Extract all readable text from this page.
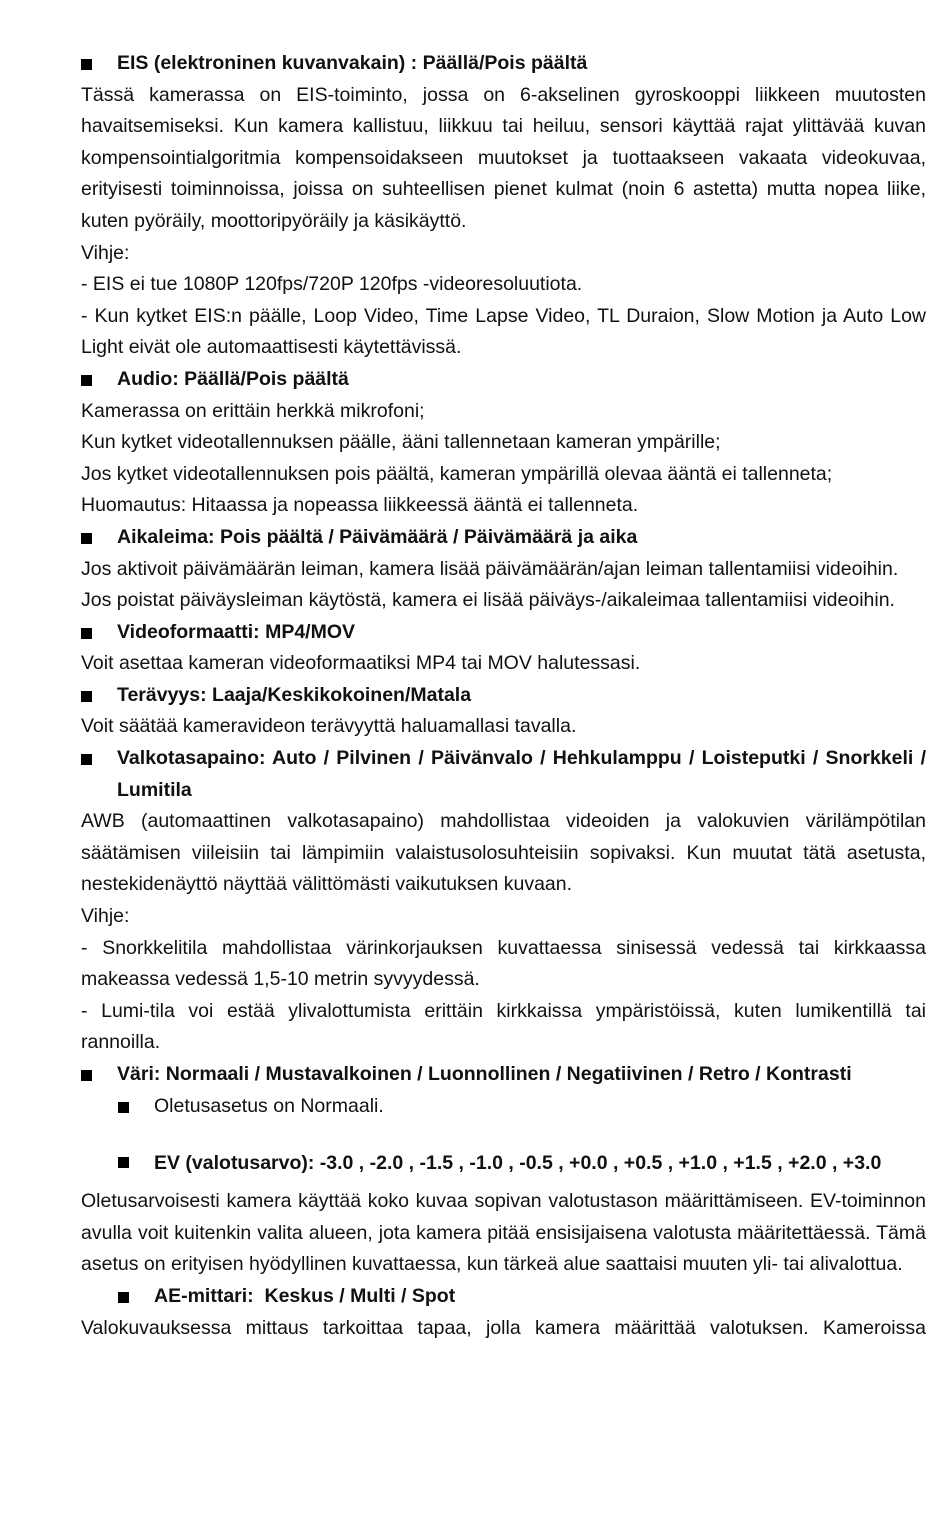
EIS (elektroninen kuvanvakain) : Päällä/Pois päältä
Tässä kamerassa on EIS-toiminto, jossa on 6-akselinen gyroskooppi liikkeen muutosten havaitsemiseksi. Kun kamera kallistuu, liikkuu tai heiluu, sensori käyttää rajat ylittävää kuvan kompensointialgoritmia kompensoidakseen muutokset ja tuottaakseen vakaata videokuvaa, erityisesti toiminnoissa, joissa on suhteellisen pienet kulmat (noin 6 astetta) mutta nopea liike, kuten pyöräily, moottoripyöräily ja käsikäyttö.
Vihje:
- EIS ei tue 1080P 120fps/720P 120fps -videoresoluutiota.
- Kun kytket EIS:n päälle, Loop Video, Time Lapse Video, TL Duraion, Slow Motion ja Auto Low Light eivät ole automaattisesti käytettävissä.
Audio: Päällä/Pois päältä
Kamerassa on erittäin herkkä mikrofoni;
Kun kytket videotallennuksen päälle, ääni tallennetaan kameran ympärille;
Jos kytket videotallennuksen pois päältä, kameran ympärillä olevaa ääntä ei tallenneta;
Huomautus: Hitaassa ja nopeassa liikkeessä ääntä ei tallenneta.
Aikaleima: Pois päältä / Päivämäärä / Päivämäärä ja aika
Jos aktivoit päivämäärän leiman, kamera lisää päivämäärän/ajan leiman tallentamiisi videoihin.
Jos poistat päiväysleiman käytöstä, kamera ei lisää päiväys-/aikaleimaa tallentamiisi videoihin.
Videoformaatti: MP4/MOV
Voit asettaa kameran videoformaatiksi MP4 tai MOV halutessasi.
Terävyys: Laaja/Keskikokoinen/Matala
Voit säätää kameravideon terävyyttä haluamallasi tavalla.
Valkotasapaino: Auto / Pilvinen / Päivänvalo / Hehkulamppu / Loisteputki / Snorkkeli / Lumitila
AWB (automaattinen valkotasapaino) mahdollistaa videoiden ja valokuvien värilämpötilan säätämisen viileisiin tai lämpimiin valaistusolosuhteisiin sopivaksi. Kun muutat tätä asetusta, nestekidenäyttö näyttää välittömästi vaikutuksen kuvaan.
Vihje:
- Snorkkelitila mahdollistaa värinkorjauksen kuvattaessa sinisessä vedessä tai kirkkaassa makeassa vedessä 1,5-10 metrin syvyydessä.
- Lumi-tila voi estää ylivalottumista erittäin kirkkaissa ympäristöissä, kuten lumikentillä tai rannoilla.
Väri: Normaali / Mustavalkoinen / Luonnollinen / Negatiivinen / Retro / Kontrasti
Oletusasetus on Normaali.
EV (valotusarvo): -3.0 , -2.0 , -1.5 , -1.0 , -0.5 , +0.0 , +0.5 , +1.0 , +1.5 , +2.0 , +3.0
Oletusarvoisesti kamera käyttää koko kuvaa sopivan valotustason määrittämiseen. EV-toiminnon avulla voit kuitenkin valita alueen, jota kamera pitää ensisijaisena valotusta määritettäessä. Tämä asetus on erityisen hyödyllinen kuvattaessa, kun tärkeä alue saattaisi muuten yli- tai alivalottua.
AE-mittari:  Keskus / Multi / Spot
Valokuvauksessa mittaus tarkoittaa tapaa, jolla kamera määrittää valotuksen. Kameroissa
